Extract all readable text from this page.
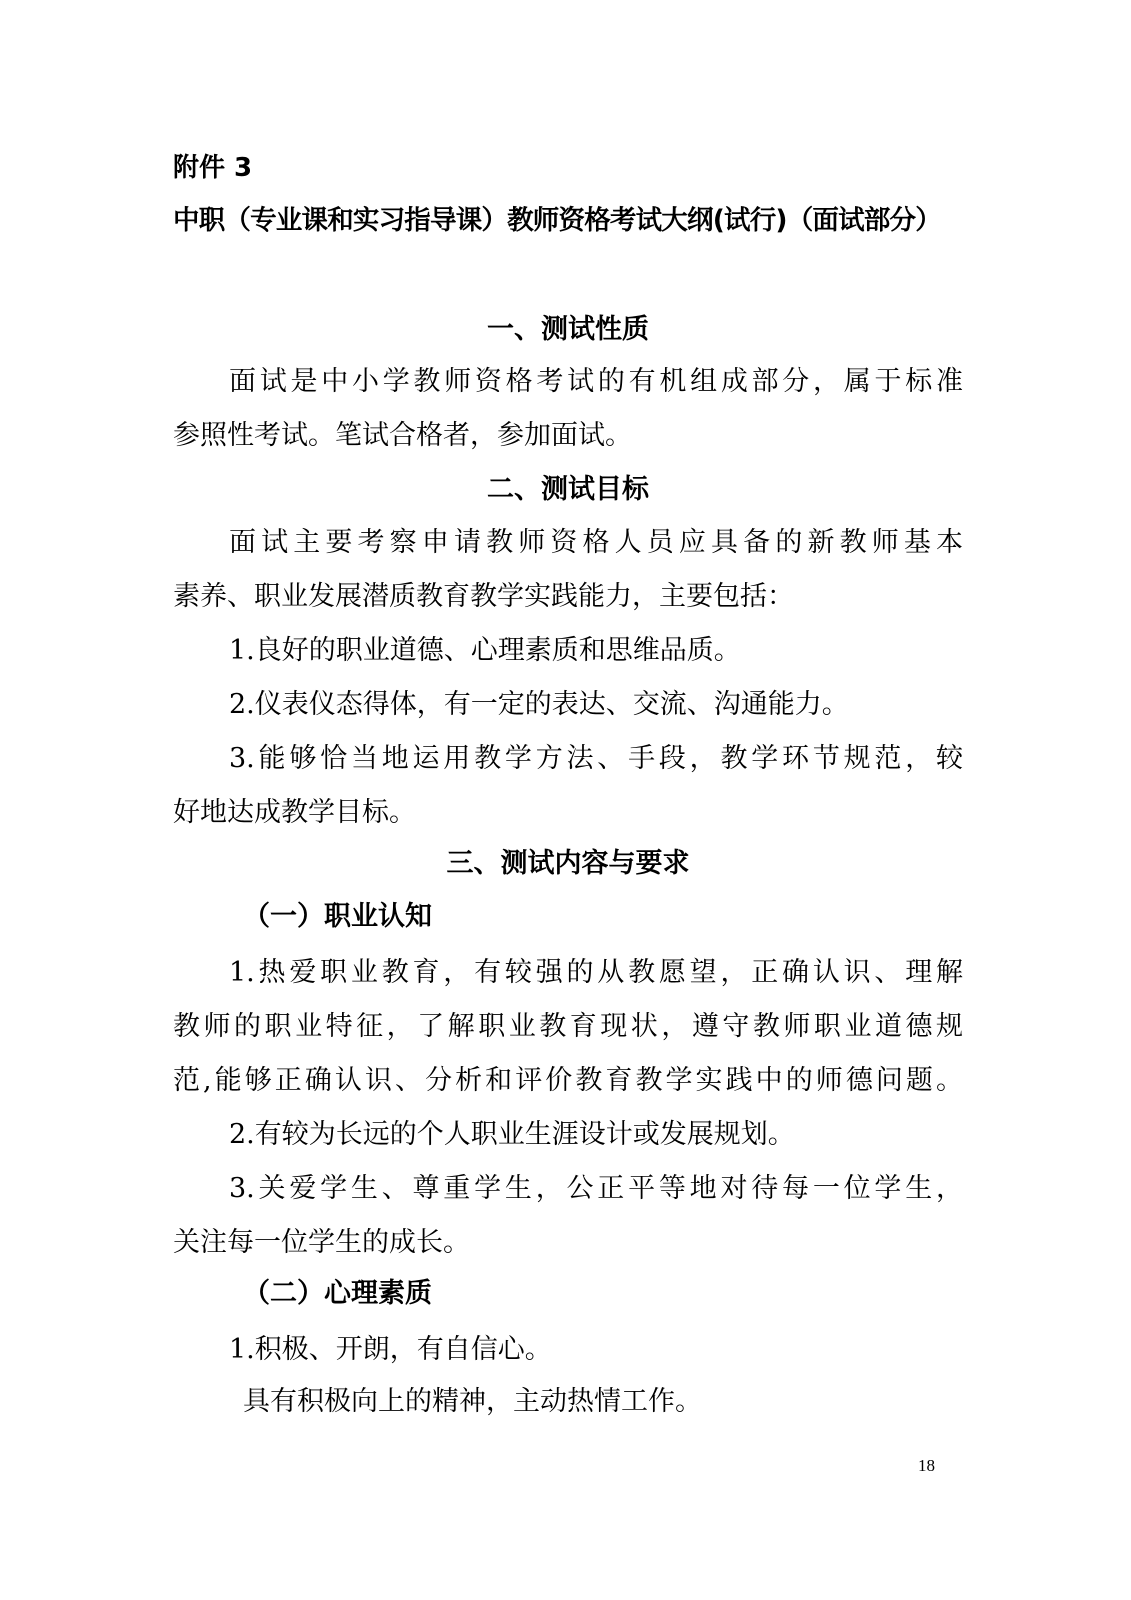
附件 3
中职（专业课和实习指导课）教师资格考试大纲(试行)（面试部分）
一、测试性质
面试是中小学教师资格考试的有机组成部分，属于标准
参照性考试。笔试合格者，参加面试。
二、测试目标
面试主要考察申请教师资格人员应具备的新教师基本
素养、职业发展潜质教育教学实践能力，主要包括：
1.良好的职业道德、心理素质和思维品质。
2.仪表仪态得体，有一定的表达、交流、沟通能力。
3.能够恰当地运用教学方法、手段，教学环节规范，较
好地达成教学目标。
三、测试内容与要求
（一）职业认知
1.热爱职业教育，有较强的从教愿望，正确认识、理解
教师的职业特征，了解职业教育现状，遵守教师职业道德规
范,能够正确认识、分析和评价教育教学实践中的师德问题。
2.有较为长远的个人职业生涯设计或发展规划。
3.关爱学生、尊重学生，公正平等地对待每一位学生，
关注每一位学生的成长。
（二）心理素质
1.积极、开朗，有自信心。
具有积极向上的精神，主动热情工作。
18
